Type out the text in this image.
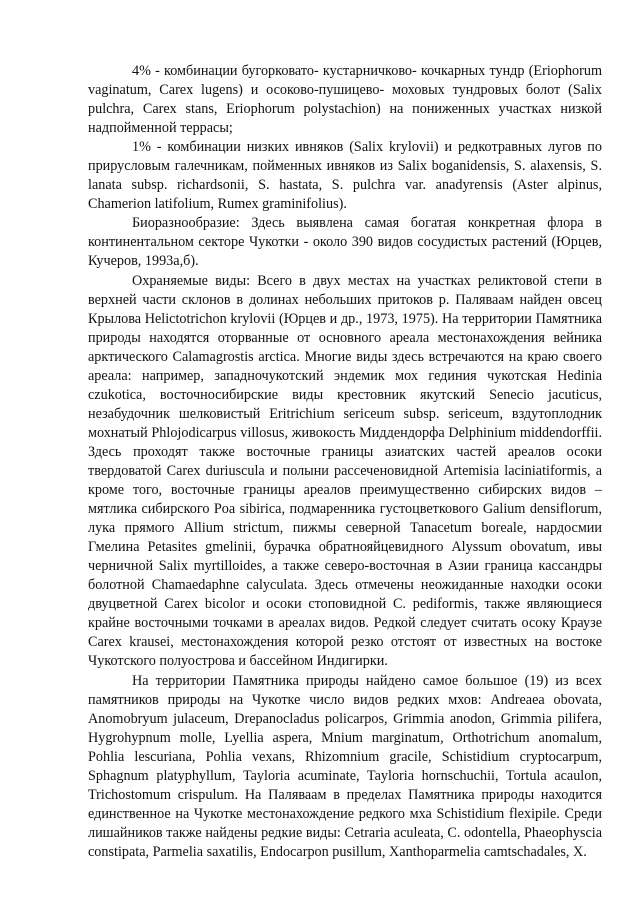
4% - комбинации бугорковато- кустарничково- кочкарных тундр (Eriophorum vaginatum, Carex lugens) и осоково-пушицево- моховых тундровых болот (Salix pulchra, Carex stans, Eriophorum polystachion) на пониженных участках низкой надпойменной террасы;

1% - комбинации низких ивняков (Salix krylovii) и редкотравных лугов по прирусловым галечникам, пойменных ивняков из Salix boganidensis, S. alaxensis, S. lanata subsp. richardsonii, S. hastata, S. pulchra var. anadyrensis (Aster alpinus, Chamerion latifolium, Rumex graminifolius).

Биоразнообразие: Здесь выявлена самая богатая конкретная флора в континентальном секторе Чукотки - около 390 видов сосудистых растений (Юрцев, Кучеров, 1993а,б).

Охраняемые виды: Всего в двух местах на участках реликтовой степи в верхней части склонов в долинах небольших притоков р. Паляваам найден овсец Крылова Helictotrichon krylovii (Юрцев и др., 1973, 1975). На территории Памятника природы находятся оторванные от основного ареала местонахождения вейника арктического Calamagrostis arctica. Многие виды здесь встречаются на краю своего ареала: например, западночукотский эндемик мох гединия чукотская Hedinia czukotica, восточносибирские виды крестовник якутский Senecio jacuticus, незабудочник шелковистый Eritrichium sericeum subsp. sericeum, вздутоплодник мохнатый Phlojodicarpus villosus, живокость Миддендорфа Delphinium middendorffii. Здесь проходят также восточные границы азиатских частей ареалов осоки твердоватой Carex duriuscula и полыни рассеченовидной Artemisia laciniatiformis, а кроме того, восточные границы ареалов преимущественно сибирских видов – мятлика сибирского Poa sibirica, подмаренника густоцветкового Galium densiflorum, лука прямого Allium strictum, пижмы северной Tanacetum boreale, нардосмии Гмелина Petasites gmelinii, бурачка обратнояйцевидного Alyssum obovatum, ивы черничной Salix myrtilloides, а также северо-восточная в Азии граница кассандры болотной Chamaedaphne calyculata. Здесь отмечены неожиданные находки осоки двуцветной Carex bicolor и осоки стоповидной C. pediformis, также являющиеся крайне восточными точками в ареалах видов. Редкой следует считать осоку Краузе Carex krausei, местонахождения которой резко отстоят от известных на востоке Чукотского полуострова и бассейном Индигирки.

На территории Памятника природы найдено самое большое (19) из всех памятников природы на Чукотке число видов редких мхов: Andreaea obovata, Anomobryum julaceum, Drepanocladus policarpos, Grimmia anodon, Grimmia pilifera, Hygrohypnum molle, Lyellia aspera, Mnium marginatum, Orthotrichum anomalum, Pohlia lescuriana, Pohlia vexans, Rhizomnium gracile, Schistidium cryptocarpum, Sphagnum platyphyllum, Tayloria acuminate, Tayloria hornschuchii, Tortula acaulon, Trichostomum crispulum. На Паляваам в пределах Памятника природы находится единственное на Чукотке местонахождение редкого мха Schistidium flexipile. Среди лишайников также найдены редкие виды: Cetraria aculeata, C. odontella, Phaeophyscia constipata, Parmelia saxatilis, Endocarpon pusillum, Xanthoparmelia camtschadales, X.
